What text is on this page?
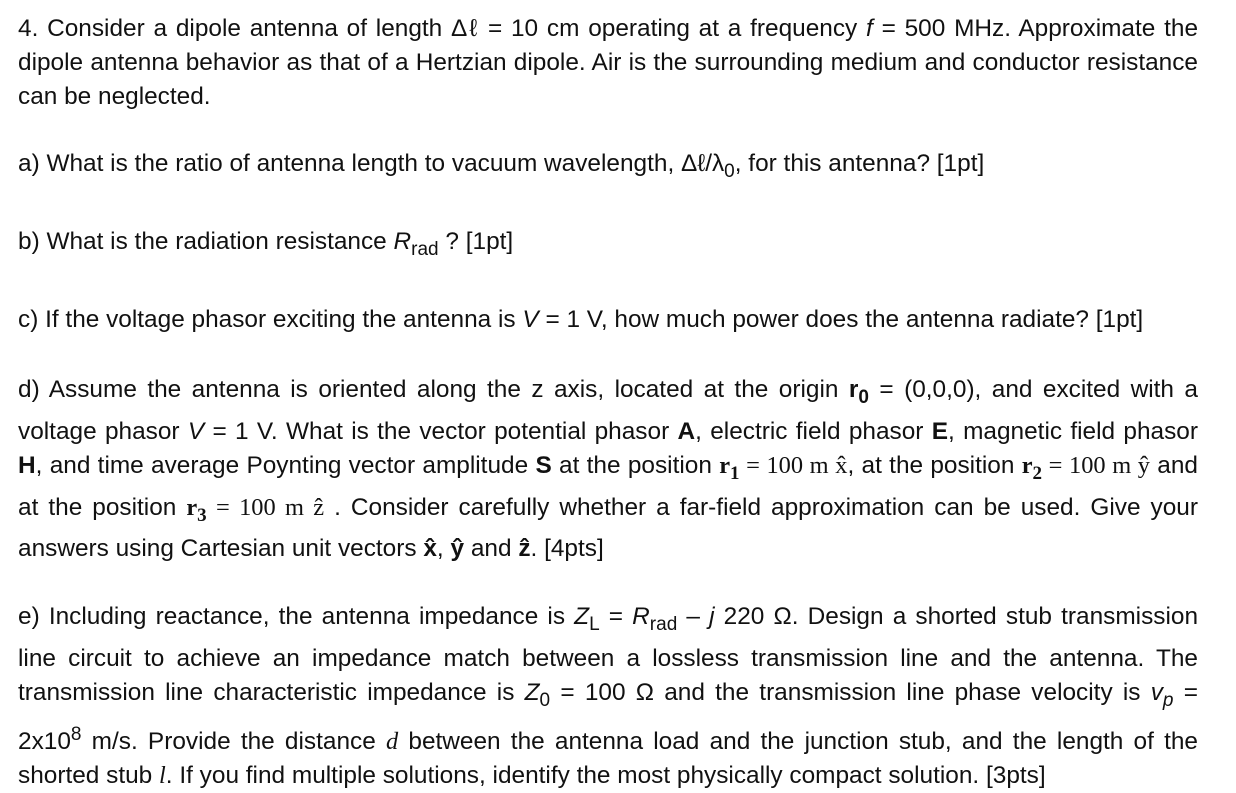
4. Consider a dipole antenna of length Δℓ = 10 cm operating at a frequency f = 500 MHz. Approximate the dipole antenna behavior as that of a Hertzian dipole. Air is the surrounding medium and conductor resistance can be neglected.

a) What is the ratio of antenna length to vacuum wavelength, $\Delta\ell/\lambda_0$, for this antenna? [1pt]

b) What is the radiation resistance $R_{rad}$ ? [1pt]

c) If the voltage phasor exciting the antenna is V = 1 V, how much power does the antenna radiate? [1pt]

d) Assume the antenna is oriented along the z axis, located at the origin $r_0 = (0,0,0)$, and excited with a voltage phasor V = 1 V. What is the vector potential phasor A, electric field phasor E, magnetic field phasor H, and time average Poynting vector amplitude S at the position $r_1 = 100$ m x̂, at the position $r_2 = 100$ m ŷ and at the position $r_3 = 100$ m ẑ . Consider carefully whether a far-field approximation can be used. Give your answers using Cartesian unit vectors x̂, ŷ and ẑ. [4pts]

e) Including reactance, the antenna impedance is $Z_L = R_{rad} - j$ 220 Ω. Design a shorted stub transmission line circuit to achieve an impedance match between a lossless transmission line and the antenna. The transmission line characteristic impedance is $Z_0 = 100$ Ω and the transmission line phase velocity is $v_p = 2x10^8$ m/s. Provide the distance d between the antenna load and the junction stub, and the length of the shorted stub l. If you find multiple solutions, identify the most physically compact solution. [3pts]
